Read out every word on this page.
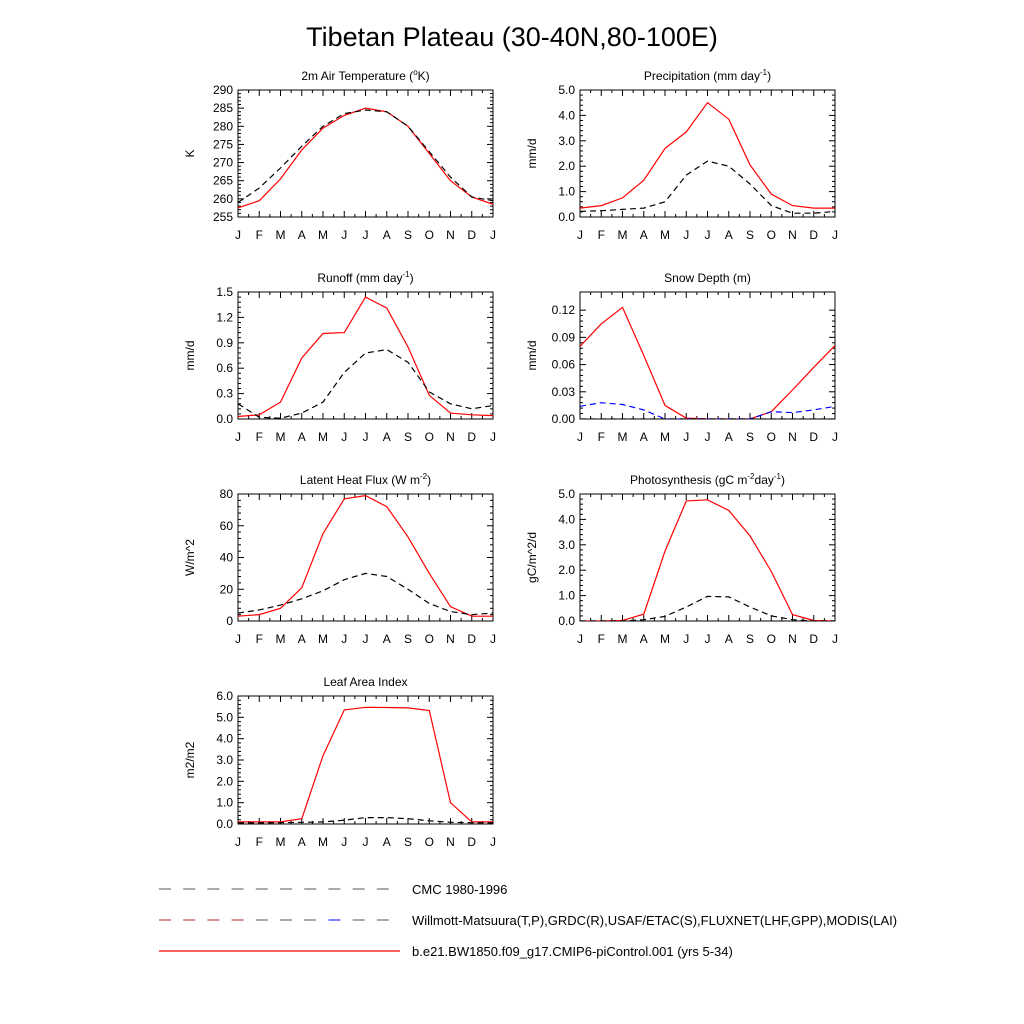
Tibetan Plateau (30-40N,80-100E)
2m Air Temperature ($^o$K)
J F M A M J J A S O N D J
255
260
265
270
275
280
285
290
K
Precipitation (mm day$^{-1}$)
J F M A M J J A S O N D J
0.0
1.0
2.0
3.0
4.0
5.0
mm/d
Runoff (mm day$^{-1}$)
J F M A M J J A S O N D J
0.0
0.3
0.6
0.9
1.2
1.5
mm/d
Snow Depth (m)
J F M A M J J A S O N D J
0.00
0.03
0.06
0.09
0.12
mm/d
Latent Heat Flux (W $m^{-2}$)
J F M A M J J A S O N D J
0
20
40
60
80
W/m^2
Photosynthesis (gC $m^{-2}day^{-1}$)
J F M A M J J A S O N D J
0.0
1.0
2.0
3.0
4.0
5.0
gC/m^2/d
Leaf Area Index
J F M A M J J A S O N D J
0.0
1.0
2.0
3.0
4.0
5.0
6.0
m2/m2
CMC 1980-1996
Willmott-Matsuura(T,P),GRDC(R),USAF/ETAC(S),FLUXNET(LHF,GPP),MODIS(LAI)
b.e21.BW1850.f09_g17.CMIP6-piControl.001 (yrs 5-34)
